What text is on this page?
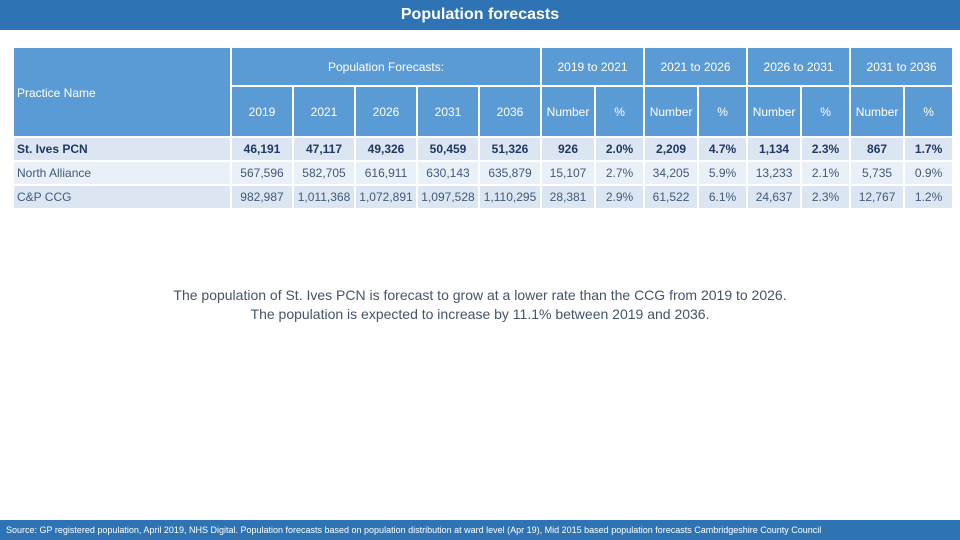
Population forecasts
Practice Name	Population Forecasts:					2019 to 2021		2021 to 2026		2026 to 2031		2031 to 2036	
	2019	2021	2026	2031	2036	Number	%	Number	%	Number	%	Number	%
St. Ives PCN	46,191	47,117	49,326	50,459	51,326	926	2.0%	2,209	4.7%	1,134	2.3%	867	1.7%
North Alliance	567,596	582,705	616,911	630,143	635,879	15,107	2.7%	34,205	5.9%	13,233	2.1%	5,735	0.9%
C&P CCG	982,987	1,011,368	1,072,891	1,097,528	1,110,295	28,381	2.9%	61,522	6.1%	24,637	2.3%	12,767	1.2%
The population of St. Ives PCN is forecast to grow at a lower rate than the CCG from 2019 to 2026.
The population is expected to increase by 11.1% between 2019 and 2036.
Source: GP registered population, April 2019, NHS Digital. Population forecasts based on population distribution at ward level (Apr 19), Mid 2015 based population forecasts Cambridgeshire County Council
